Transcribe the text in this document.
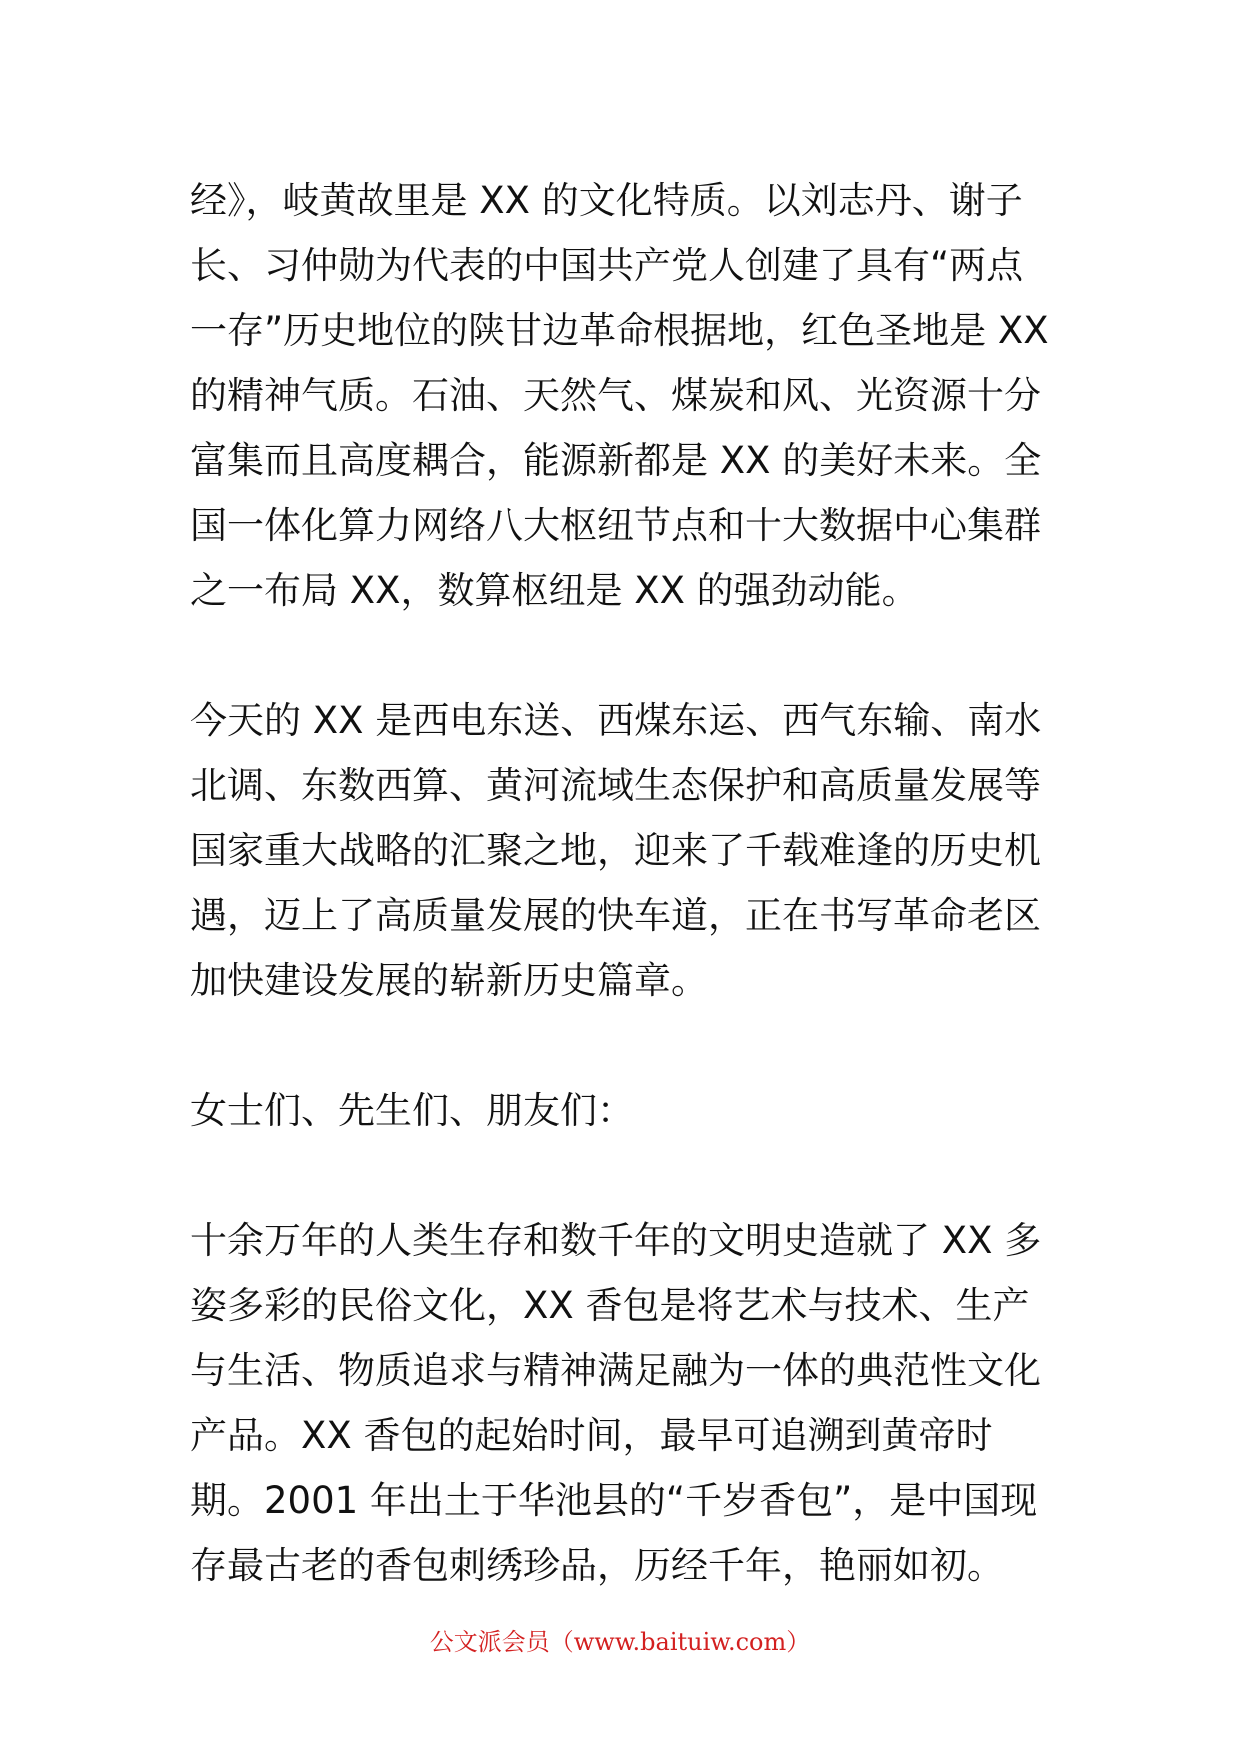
经》，岐黄故里是 XX 的文化特质。以刘志丹、谢子长、习仲勋为代表的中国共产党人创建了具有“两点一存”历史地位的陕甘边革命根据地，红色圣地是 XX 的精神气质。石油、天然气、煤炭和风、光资源十分富集而且高度耦合，能源新都是 XX 的美好未来。全国一体化算力网络八大枢纽节点和十大数据中心集群之一布局 XX，数算枢纽是 XX 的强劲动能。

今天的 XX 是西电东送、西煤东运、西气东输、南水北调、东数西算、黄河流域生态保护和高质量发展等国家重大战略的汇聚之地，迎来了千载难逢的历史机遇，迈上了高质量发展的快车道，正在书写革命老区加快建设发展的崭新历史篇章。

女士们、先生们、朋友们：

十余万年的人类生存和数千年的文明史造就了 XX 多姿多彩的民俗文化，XX 香包是将艺术与技术、生产与生活、物质追求与精神满足融为一体的典范性文化产品。XX 香包的起始时间，最早可追溯到黄帝时期。2001 年出土于华池县的“千岁香包”，是中国现存最古老的香包刺绣珍品，历经千年，艳丽如初。

公文派会员（www.baituiw.com）
